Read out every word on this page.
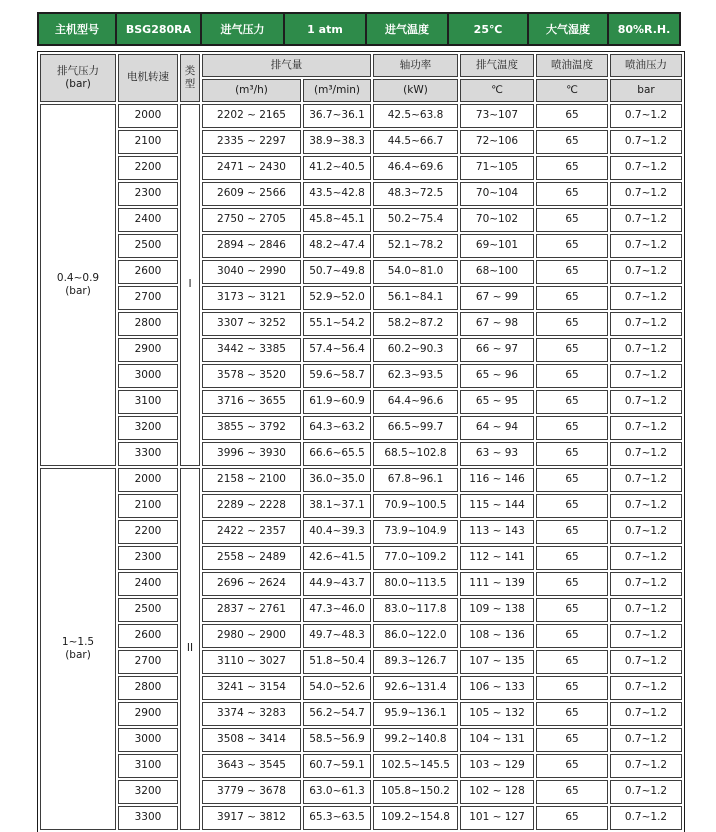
主机型号	BSG280RA	进气压力	1 atm	进气温度	25℃	大气湿度	80%R.H.
排气压力
(bar)	电机转速	类型	排气量		轴功率	排气温度	喷油温度	喷油压力
			(m³/h)	(m³/min)	(kW)	℃	℃	bar

0.4~0.9
(bar)	2000	I	2202 ~ 2165	36.7~36.1	42.5~63.8	73~107	65	0.7~1.2
	2100		2335 ~ 2297	38.9~38.3	44.5~66.7	72~106	65	0.7~1.2
	2200		2471 ~ 2430	41.2~40.5	46.4~69.6	71~105	65	0.7~1.2
	2300		2609 ~ 2566	43.5~42.8	48.3~72.5	70~104	65	0.7~1.2
	2400		2750 ~ 2705	45.8~45.1	50.2~75.4	70~102	65	0.7~1.2
	2500		2894 ~ 2846	48.2~47.4	52.1~78.2	69~101	65	0.7~1.2
	2600		3040 ~ 2990	50.7~49.8	54.0~81.0	68~100	65	0.7~1.2
	2700		3173 ~ 3121	52.9~52.0	56.1~84.1	67 ~ 99	65	0.7~1.2
	2800		3307 ~ 3252	55.1~54.2	58.2~87.2	67 ~ 98	65	0.7~1.2
	2900		3442 ~ 3385	57.4~56.4	60.2~90.3	66 ~ 97	65	0.7~1.2
	3000		3578 ~ 3520	59.6~58.7	62.3~93.5	65 ~ 96	65	0.7~1.2
	3100		3716 ~ 3655	61.9~60.9	64.4~96.6	65 ~ 95	65	0.7~1.2
	3200		3855 ~ 3792	64.3~63.2	66.5~99.7	64 ~ 94	65	0.7~1.2
	3300		3996 ~ 3930	66.6~65.5	68.5~102.8	63 ~ 93	65	0.7~1.2

1~1.5
(bar)	2000	II	2158 ~ 2100	36.0~35.0	67.8~96.1	116 ~ 146	65	0.7~1.2
	2100		2289 ~ 2228	38.1~37.1	70.9~100.5	115 ~ 144	65	0.7~1.2
	2200		2422 ~ 2357	40.4~39.3	73.9~104.9	113 ~ 143	65	0.7~1.2
	2300		2558 ~ 2489	42.6~41.5	77.0~109.2	112 ~ 141	65	0.7~1.2
	2400		2696 ~ 2624	44.9~43.7	80.0~113.5	111 ~ 139	65	0.7~1.2
	2500		2837 ~ 2761	47.3~46.0	83.0~117.8	109 ~ 138	65	0.7~1.2
	2600		2980 ~ 2900	49.7~48.3	86.0~122.0	108 ~ 136	65	0.7~1.2
	2700		3110 ~ 3027	51.8~50.4	89.3~126.7	107 ~ 135	65	0.7~1.2
	2800		3241 ~ 3154	54.0~52.6	92.6~131.4	106 ~ 133	65	0.7~1.2
	2900		3374 ~ 3283	56.2~54.7	95.9~136.1	105 ~ 132	65	0.7~1.2
	3000		3508 ~ 3414	58.5~56.9	99.2~140.8	104 ~ 131	65	0.7~1.2
	3100		3643 ~ 3545	60.7~59.1	102.5~145.5	103 ~ 129	65	0.7~1.2
	3200		3779 ~ 3678	63.0~61.3	105.8~150.2	102 ~ 128	65	0.7~1.2
	3300		3917 ~ 3812	65.3~63.5	109.2~154.8	101 ~ 127	65	0.7~1.2
